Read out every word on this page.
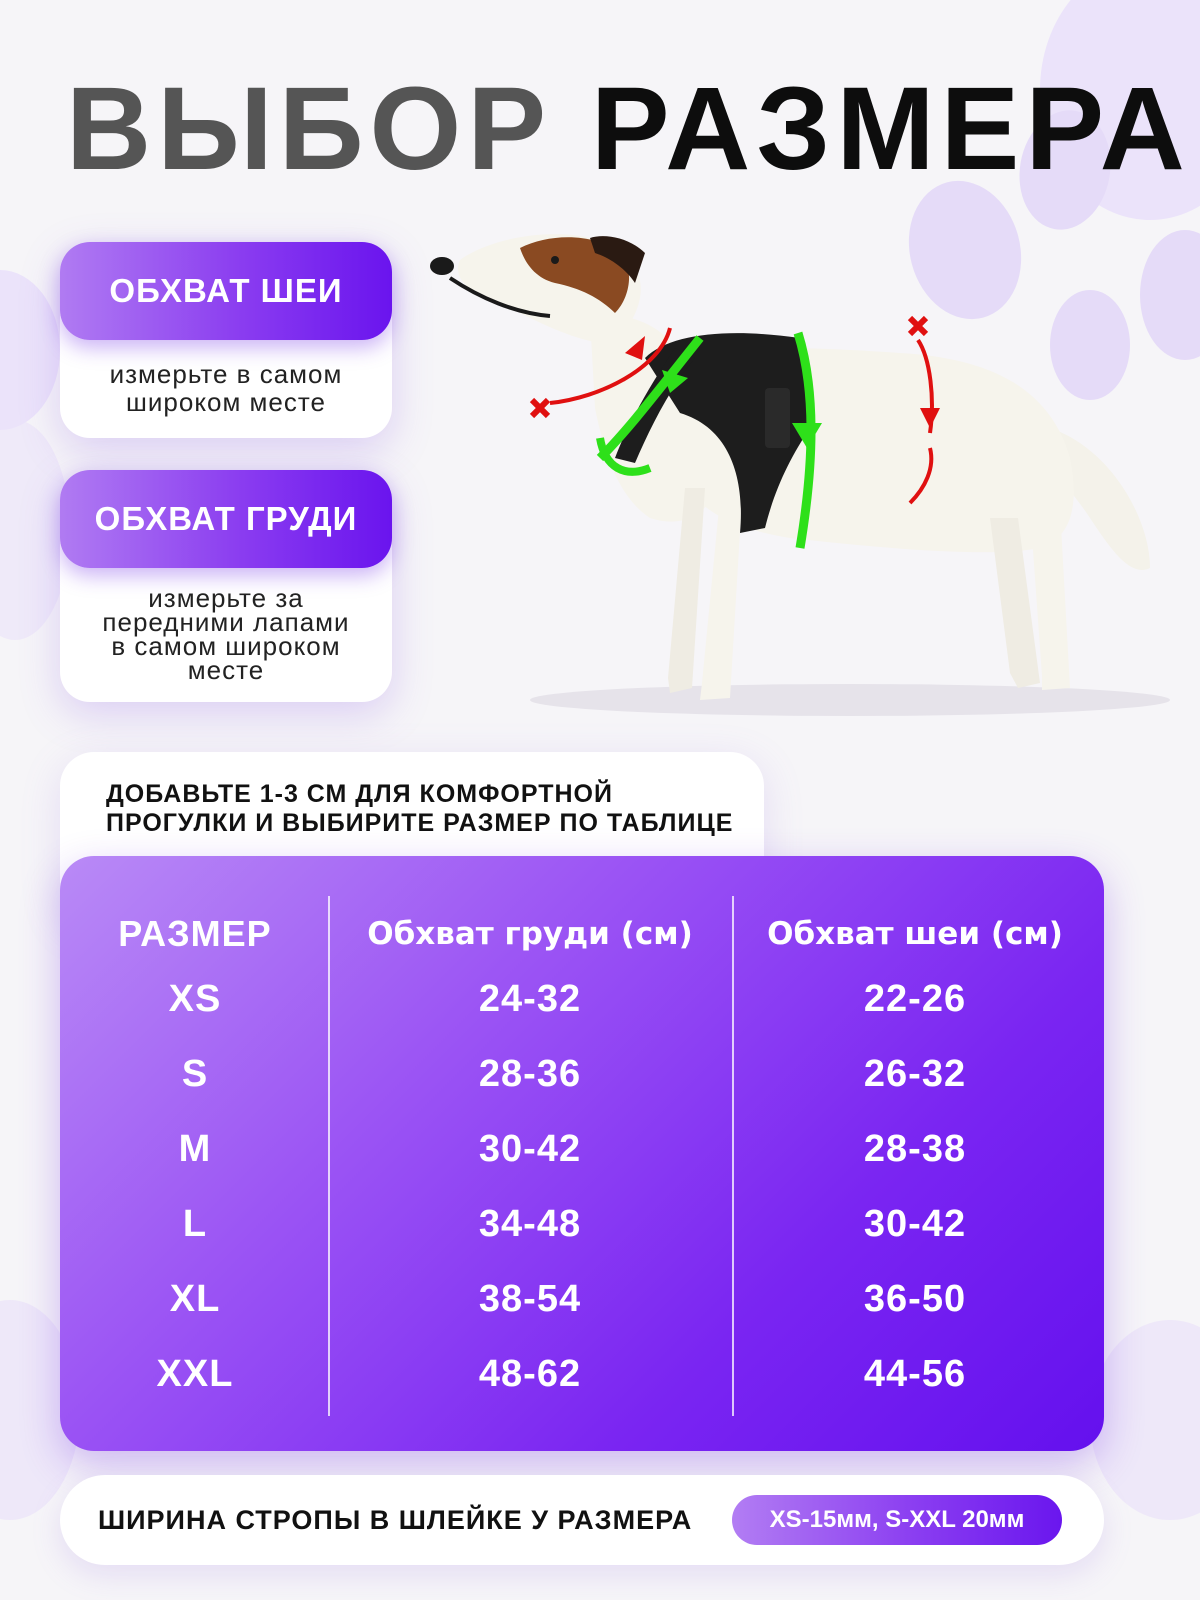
ВЫБОР РАЗМЕРА
ОБХВАТ ШЕИ
измерьте в самом
широком месте
ОБХВАТ ГРУДИ
измерьте за
передними лапами
в самом широком
месте
ДОБАВЬТЕ 1-3 СМ ДЛЯ КОМФОРТНОЙ
ПРОГУЛКИ И ВЫБИРИТЕ РАЗМЕР ПО ТАБЛИЦЕ
РАЗМЕР
XS
S
M
L
XL
XXL
Обхват груди (см)
24-32
28-36
30-42
34-48
38-54
48-62
Обхват шеи (см)
22-26
26-32
28-38
30-42
36-50
44-56
ШИРИНА СТРОПЫ В ШЛЕЙКЕ У РАЗМЕРА	XS-15мм, S-XXL 20мм
